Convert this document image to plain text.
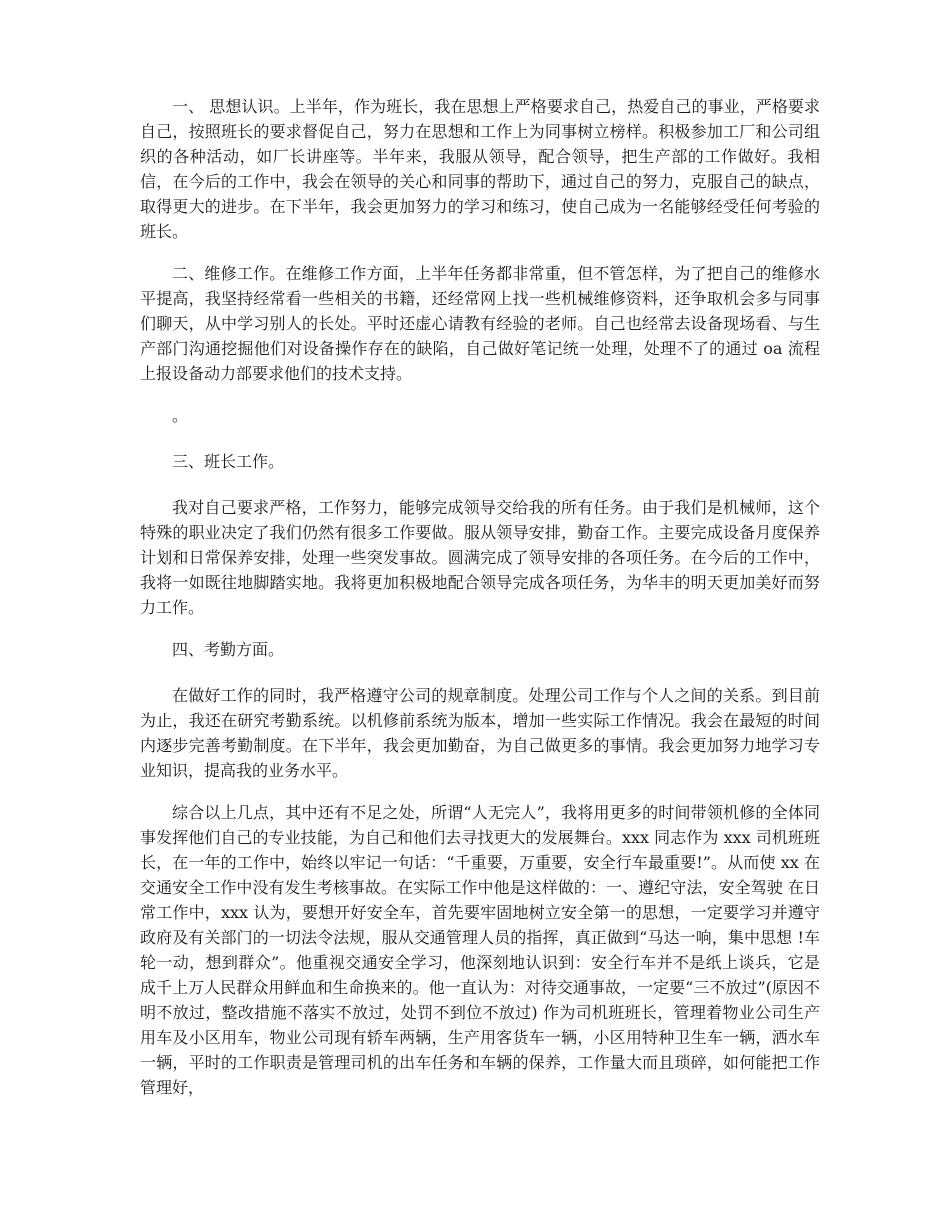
一、 思想认识。上半年，作为班长，我在思想上严格要求自己，热爱自己的事业，严格要求自己，按照班长的要求督促自己，努力在思想和工作上为同事树立榜样。积极参加工厂和公司组织的各种活动，如厂长讲座等。半年来，我服从领导，配合领导，把生产部的工作做好。我相信，在今后的工作中，我会在领导的关心和同事的帮助下，通过自己的努力，克服自己的缺点，取得更大的进步。在下半年，我会更加努力的学习和练习，使自己成为一名能够经受任何考验的班长。

二、维修工作。在维修工作方面，上半年任务都非常重，但不管怎样，为了把自己的维修水平提高，我坚持经常看一些相关的书籍，还经常网上找一些机械维修资料，还争取机会多与同事们聊天，从中学习别人的长处。平时还虚心请教有经验的老师。自己也经常去设备现场看、与生产部门沟通挖掘他们对设备操作存在的缺陷，自己做好笔记统一处理，处理不了的通过 oa 流程上报设备动力部要求他们的技术支持。

。

三、班长工作。

我对自己要求严格，工作努力，能够完成领导交给我的所有任务。由于我们是机械师，这个特殊的职业决定了我们仍然有很多工作要做。服从领导安排，勤奋工作。主要完成设备月度保养计划和日常保养安排，处理一些突发事故。圆满完成了领导安排的各项任务。在今后的工作中，我将一如既往地脚踏实地。我将更加积极地配合领导完成各项任务，为华丰的明天更加美好而努力工作。

四、考勤方面。

在做好工作的同时，我严格遵守公司的规章制度。处理公司工作与个人之间的关系。到目前为止，我还在研究考勤系统。以机修前系统为版本，增加一些实际工作情况。我会在最短的时间内逐步完善考勤制度。在下半年，我会更加勤奋，为自己做更多的事情。我会更加努力地学习专业知识，提高我的业务水平。

综合以上几点，其中还有不足之处，所谓“人无完人”，我将用更多的时间带领机修的全体同事发挥他们自己的专业技能，为自己和他们去寻找更大的发展舞台。xxx 同志作为 xxx 司机班班长，在一年的工作中，始终以牢记一句话：“千重要，万重要，安全行车最重要!”。从而使 xx 在交通安全工作中没有发生考核事故。在实际工作中他是这样做的：一、遵纪守法，安全驾驶 在日常工作中，xxx 认为，要想开好安全车，首先要牢固地树立安全第一的思想，一定要学习并遵守政府及有关部门的一切法令法规，服从交通管理人员的指挥，真正做到“马达一响，集中思想 !车轮一动，想到群众”。他重视交通安全学习，他深刻地认识到：安全行车并不是纸上谈兵，它是成千上万人民群众用鲜血和生命换来的。他一直认为：对待交通事故，一定要“三不放过”(原因不明不放过，整改措施不落实不放过，处罚不到位不放过) 作为司机班班长，管理着物业公司生产用车及小区用车，物业公司现有轿车两辆，生产用客货车一辆，小区用特种卫生车一辆，洒水车一辆，平时的工作职责是管理司机的出车任务和车辆的保养，工作量大而且琐碎，如何能把工作管理好，
